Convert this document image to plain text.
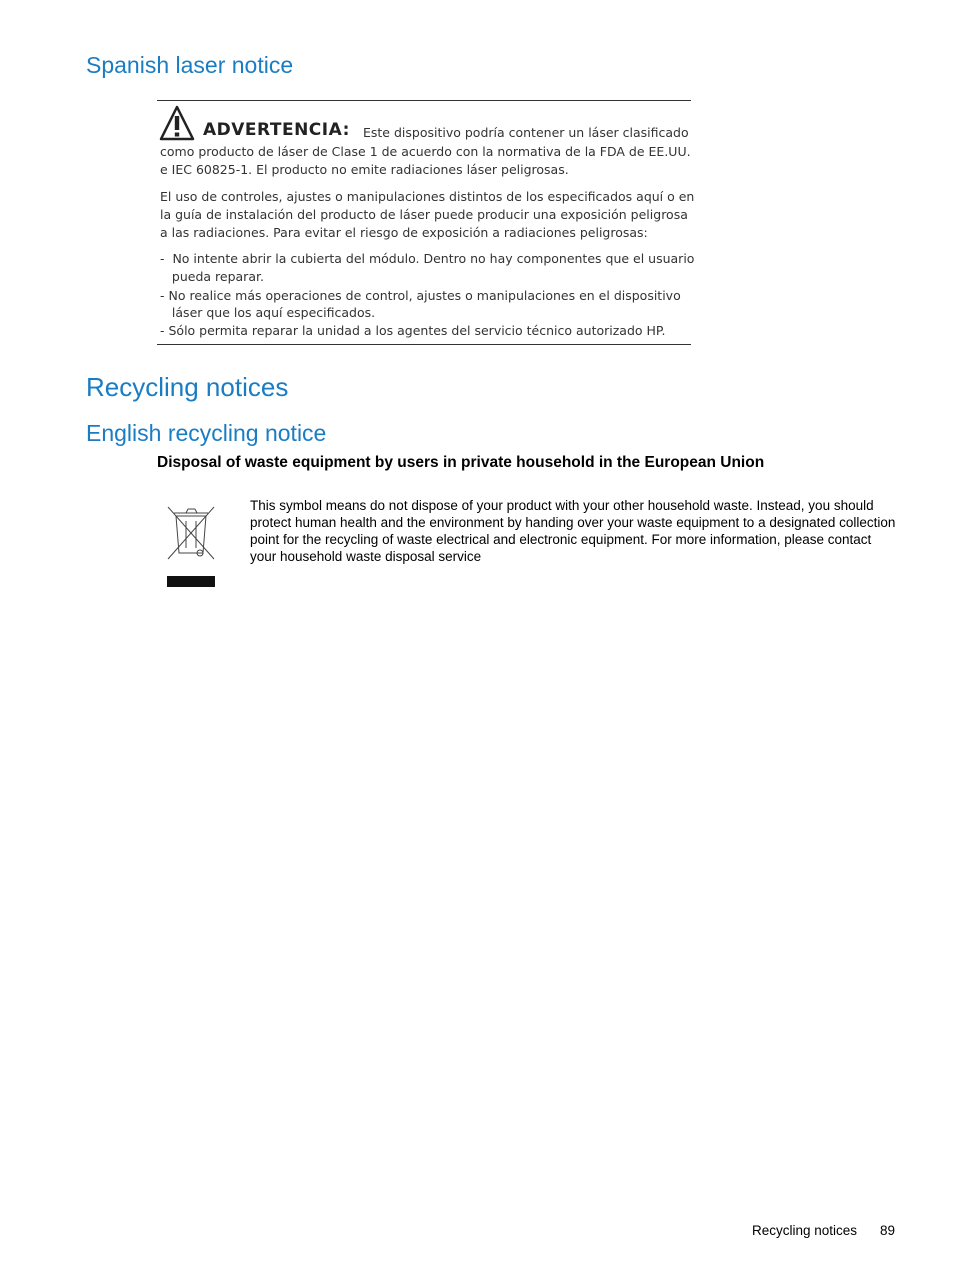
Spanish laser notice
ADVERTENCIA: Este dispositivo podría contener un láser clasificado
como producto de láser de Clase 1 de acuerdo con la normativa de la FDA de EE.UU.
e IEC 60825-1. El producto no emite radiaciones láser peligrosas.
El uso de controles, ajustes o manipulaciones distintos de los especificados aquí o en
la guía de instalación del producto de láser puede producir una exposición peligrosa
a las radiaciones. Para evitar el riesgo de exposición a radiaciones peligrosas:
-  No intente abrir la cubierta del módulo. Dentro no hay componentes que el usuario
pueda reparar.
- No realice más operaciones de control, ajustes o manipulaciones en el dispositivo
láser que los aquí especificados.
- Sólo permita reparar la unidad a los agentes del servicio técnico autorizado HP.
Recycling notices
English recycling notice
Disposal of waste equipment by users in private household in the European Union
This symbol means do not dispose of your product with your other household waste. Instead, you should protect human health and the environment by handing over your waste equipment to a designated collection point for the recycling of waste electrical and electronic equipment. For more information, please contact your household waste disposal service
Recycling notices 89
